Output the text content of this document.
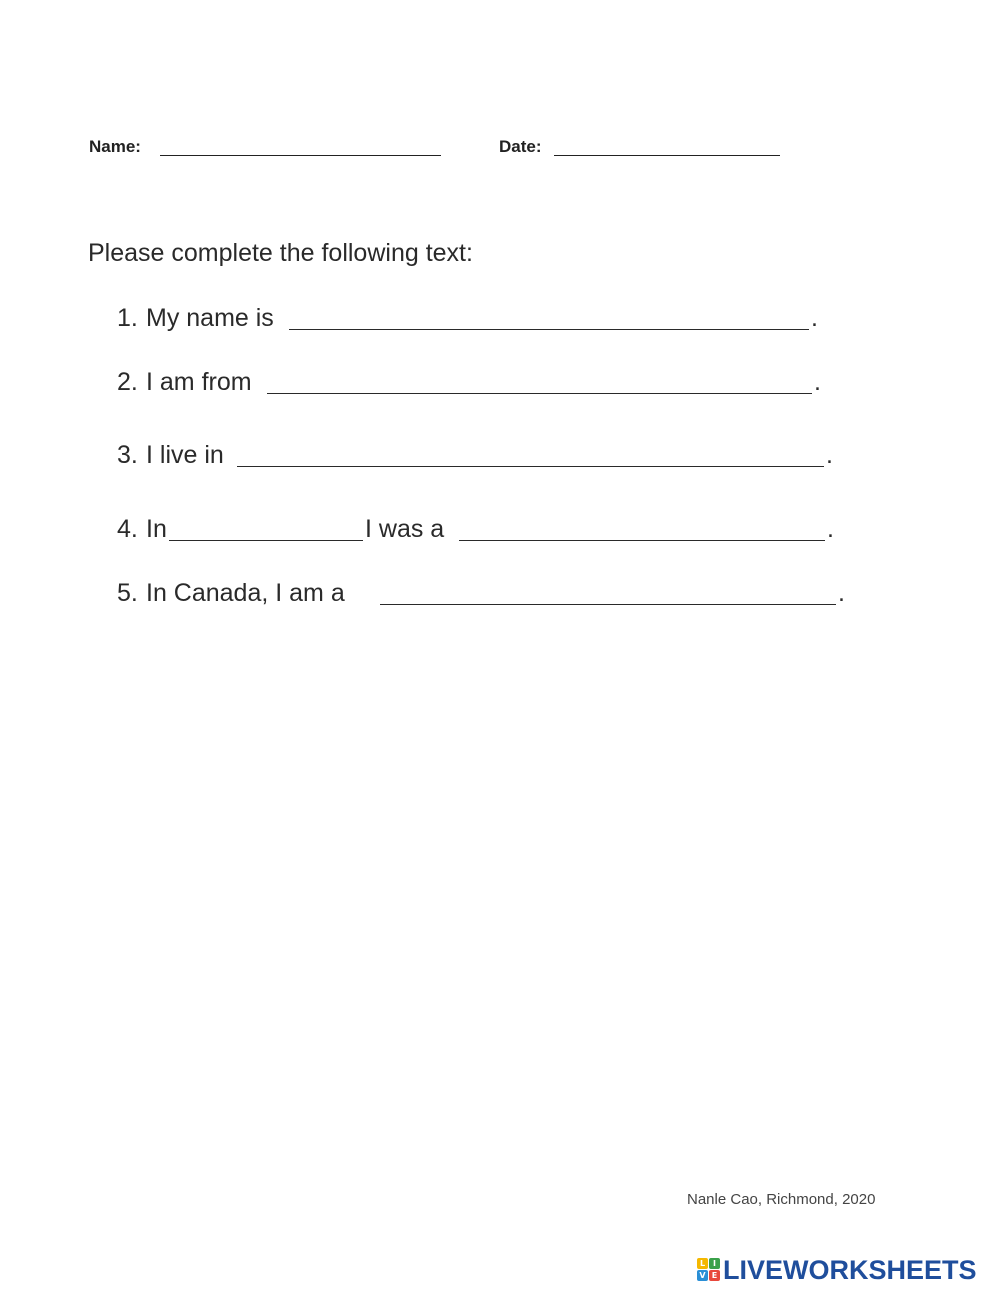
Name:	Date:
Please complete the following text:
1. My name is	.
2. I am from	.
3. I live in	.
4. In	I was a	.
5. In Canada, I am a	.
Nanle Cao, Richmond, 2020
L I
V E LIVEWORKSHEETS
